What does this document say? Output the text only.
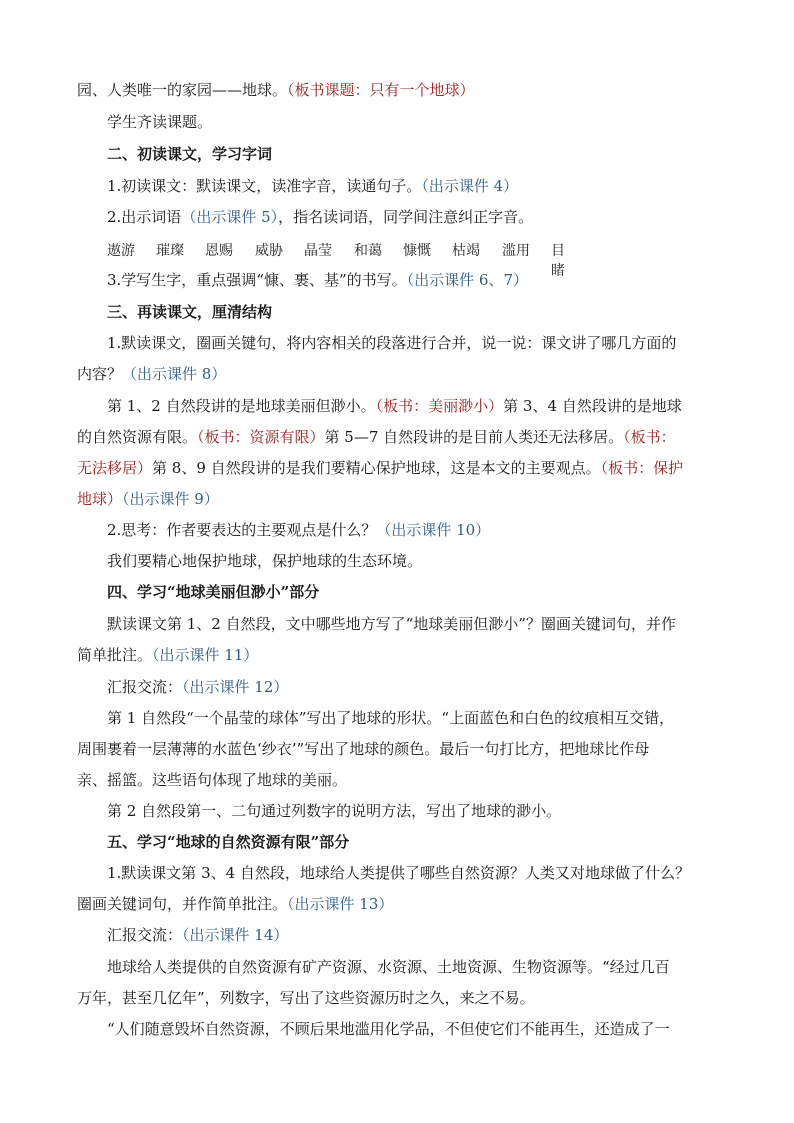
园、人类唯一的家园——地球。（板书课题：只有一个地球）
学生齐读课题。
二、初读课文，学习字词
1.初读课文：默读课文，读准字音，读通句子。（出示课件 4）
2.出示词语（出示课件 5），指名读词语，同学间注意纠正字音。
遨游 璀璨 恩赐 威胁 晶莹 和蔼 慷慨 枯竭 滥用 目睹
3.学写生字，重点强调“慷、裹、基”的书写。（出示课件 6、7）
三、再读课文，厘清结构
1.默读课文，圈画关键句，将内容相关的段落进行合并，说一说：课文讲了哪几方面的
内容？（出示课件 8）
第 1、2 自然段讲的是地球美丽但渺小。（板书：美丽渺小）第 3、4 自然段讲的是地球
的自然资源有限。（板书：资源有限）第 5—7 自然段讲的是目前人类还无法移居。（板书：
无法移居）第 8、9 自然段讲的是我们要精心保护地球，这是本文的主要观点。（板书：保护
地球）（出示课件 9）
2.思考：作者要表达的主要观点是什么？（出示课件 10）
我们要精心地保护地球，保护地球的生态环境。
四、学习“地球美丽但渺小”部分
默读课文第 1、2 自然段，文中哪些地方写了“地球美丽但渺小”？圈画关键词句，并作
简单批注。（出示课件 11）
汇报交流：（出示课件 12）
第 1 自然段“一个晶莹的球体”写出了地球的形状。“上面蓝色和白色的纹痕相互交错，
周围裹着一层薄薄的水蓝色‘纱衣’”写出了地球的颜色。最后一句打比方，把地球比作母
亲、摇篮。这些语句体现了地球的美丽。
第 2 自然段第一、二句通过列数字的说明方法，写出了地球的渺小。
五、学习“地球的自然资源有限”部分
1.默读课文第 3、4 自然段，地球给人类提供了哪些自然资源？人类又对地球做了什么？
圈画关键词句，并作简单批注。（出示课件 13）
汇报交流：（出示课件 14）
地球给人类提供的自然资源有矿产资源、水资源、土地资源、生物资源等。“经过几百
万年，甚至几亿年”，列数字，写出了这些资源历时之久，来之不易。
“人们随意毁坏自然资源，不顾后果地滥用化学品，不但使它们不能再生，还造成了一
